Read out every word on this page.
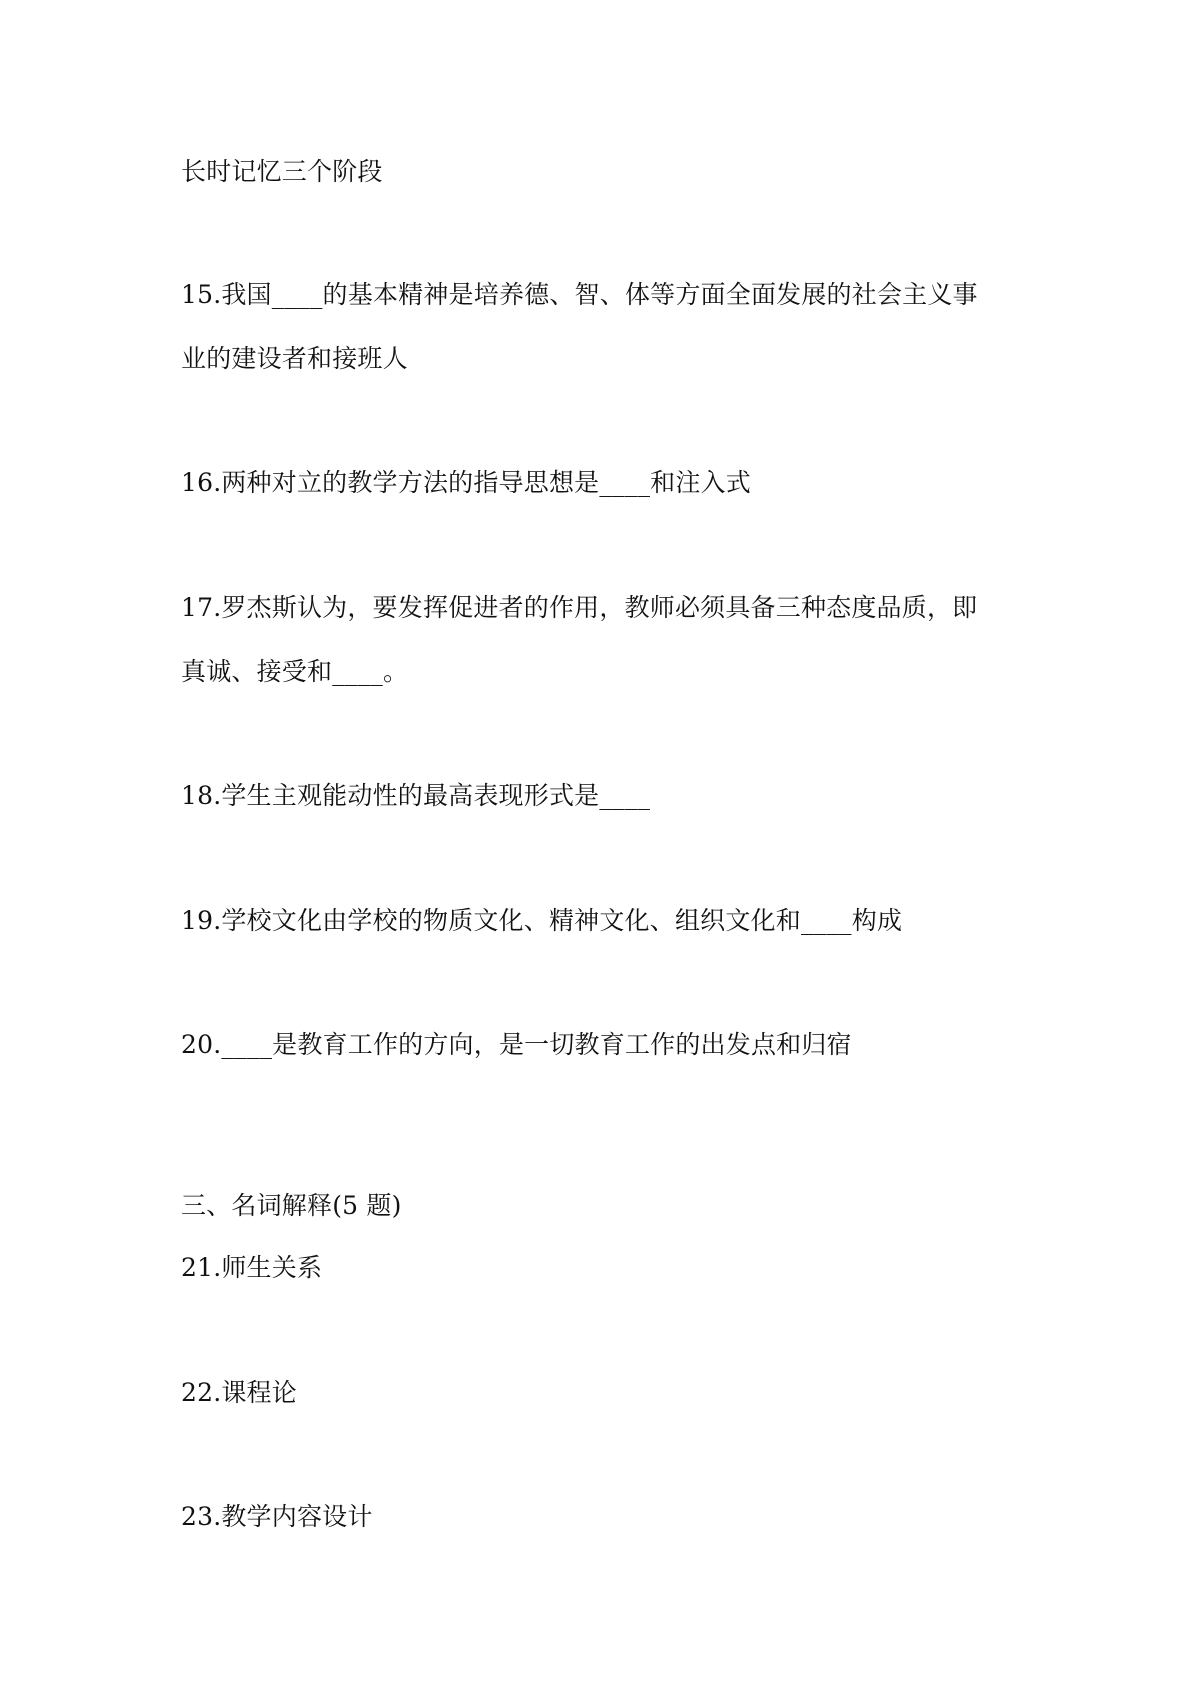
长时记忆三个阶段
15.我国____的基本精神是培养德、智、体等方面全面发展的社会主义事
业的建设者和接班人
16.两种对立的教学方法的指导思想是____和注入式
17.罗杰斯认为，要发挥促进者的作用，教师必须具备三种态度品质，即
真诚、接受和____。
18.学生主观能动性的最高表现形式是____
19.学校文化由学校的物质文化、精神文化、组织文化和____构成
20.____是教育工作的方向，是一切教育工作的出发点和归宿
三、名词解释(5 题)
21.师生关系
22.课程论
23.教学内容设计
